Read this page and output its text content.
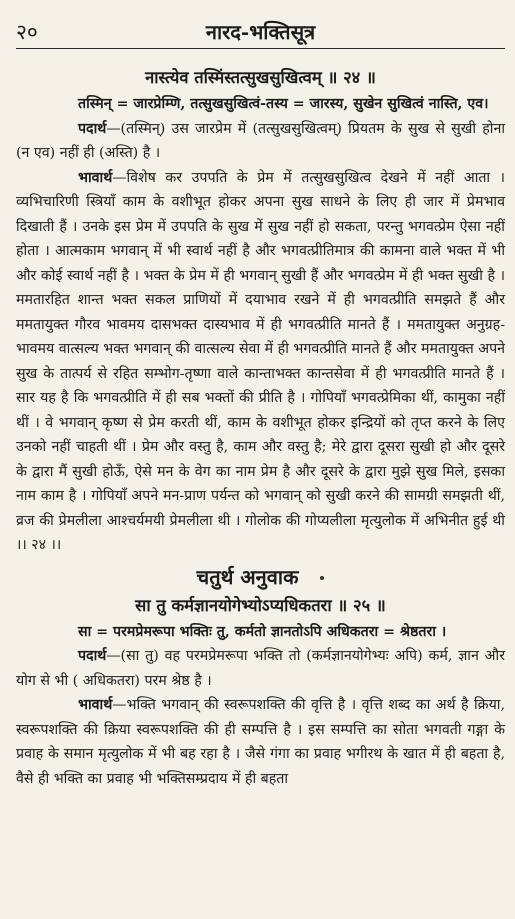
२०	नारद-भक्तिसूत्र

नास्त्येव तस्मिंस्तत्सुखसुखित्वम् ॥ २४ ॥

तस्मिन् = जारप्रेम्णि, तत्सुखसुखित्वं-तस्य = जारस्य, सुखेन सुखित्वं नास्ति, एव।

पदार्थ—(तस्मिन्) उस जारप्रेम में (तत्सुखसुखित्वम्) प्रियतम के सुख से सुखी होना (न एव) नहीं ही (अस्ति) है ।

भावार्थ—विशेष कर उपपति के प्रेम में तत्सुखसुखित्व देखने में नहीं आता । व्यभिचारिणी स्त्रियाँ काम के वशीभूत होकर अपना सुख साधने के लिए ही जार में प्रेमभाव दिखाती हैं । उनके इस प्रेम में उपपति के सुख में सुख नहीं हो सकता, परन्तु भगवत्प्रेम ऐसा नहीं होता । आत्मकाम भगवान् में भी स्वार्थ नहीं है और भगवत्प्रीतिमात्र की कामना वाले भक्त में भी और कोई स्वार्थ नहीं है । भक्त के प्रेम में ही भगवान् सुखी हैं और भगवत्प्रेम में ही भक्त सुखी है । ममतारहित शान्त भक्त सकल प्राणियों में दयाभाव रखने में ही भगवत्प्रीति समझते हैं और ममतायुक्त गौरव भावमय दासभक्त दास्यभाव में ही भगवत्प्रीति मानते हैं । ममतायुक्त अनुग्रह-भावमय वात्सल्य भक्त भगवान् की वात्सल्य सेवा में ही भगवत्प्रीति मानते हैं और ममतायुक्त अपने सुख के तात्पर्य से रहित सम्भोग-तृष्णा वाले कान्ताभक्त कान्तसेवा में ही भगवत्प्रीति मानते हैं । सार यह है कि भगवत्प्रीति में ही सब भक्तों की प्रीति है । गोपियाँ भगवत्प्रेमिका थीं, कामुका नहीं थीं । वे भगवान् कृष्ण से प्रेम करती थीं, काम के वशीभूत होकर इन्द्रियों को तृप्त करने के लिए उनको नहीं चाहती थीं । प्रेम और वस्तु है, काम और वस्तु है; मेरे द्वारा दूसरा सुखी हो और दूसरे के द्वारा मैं सुखी होऊँ, ऐसे मन के वेग का नाम प्रेम है और दूसरे के द्वारा मुझे सुख मिले, इसका नाम काम है । गोपियाँ अपने मन-प्राण पर्यन्त को भगवान् को सुखी करने की सामग्री समझती थीं, व्रज की प्रेमलीला आश्चर्यमयी प्रेमलीला थी । गोलोक की गोप्यलीला मृत्युलोक में अभिनीत हुई थी ।। २४ ।।

चतुर्थ अनुवाक

सा तु कर्मज्ञानयोगेभ्योऽप्यधिकतरा ॥ २५ ॥

सा = परमप्रेमरूपा भक्तिः तु, कर्मतो ज्ञानतोऽपि अधिकतरा = श्रेष्ठतरा ।

पदार्थ—(सा तु) वह परमप्रेमरूपा भक्ति तो (कर्मज्ञानयोगेभ्यः अपि) कर्म, ज्ञान और योग से भी ( अधिकतरा) परम श्रेष्ठ है ।

भावार्थ—भक्ति भगवान् की स्वरूपशक्ति की वृत्ति है । वृत्ति शब्द का अर्थ है क्रिया, स्वरूपशक्ति की क्रिया स्वरूपशक्ति की ही सम्पत्ति है । इस सम्पत्ति का सोता भगवती गङ्गा के प्रवाह के समान मृत्युलोक में भी बह रहा है । जैसे गंगा का प्रवाह भगीरथ के खात में ही बहता है, वैसे ही भक्ति का प्रवाह भी भक्तिसम्प्रदाय में ही बहता
